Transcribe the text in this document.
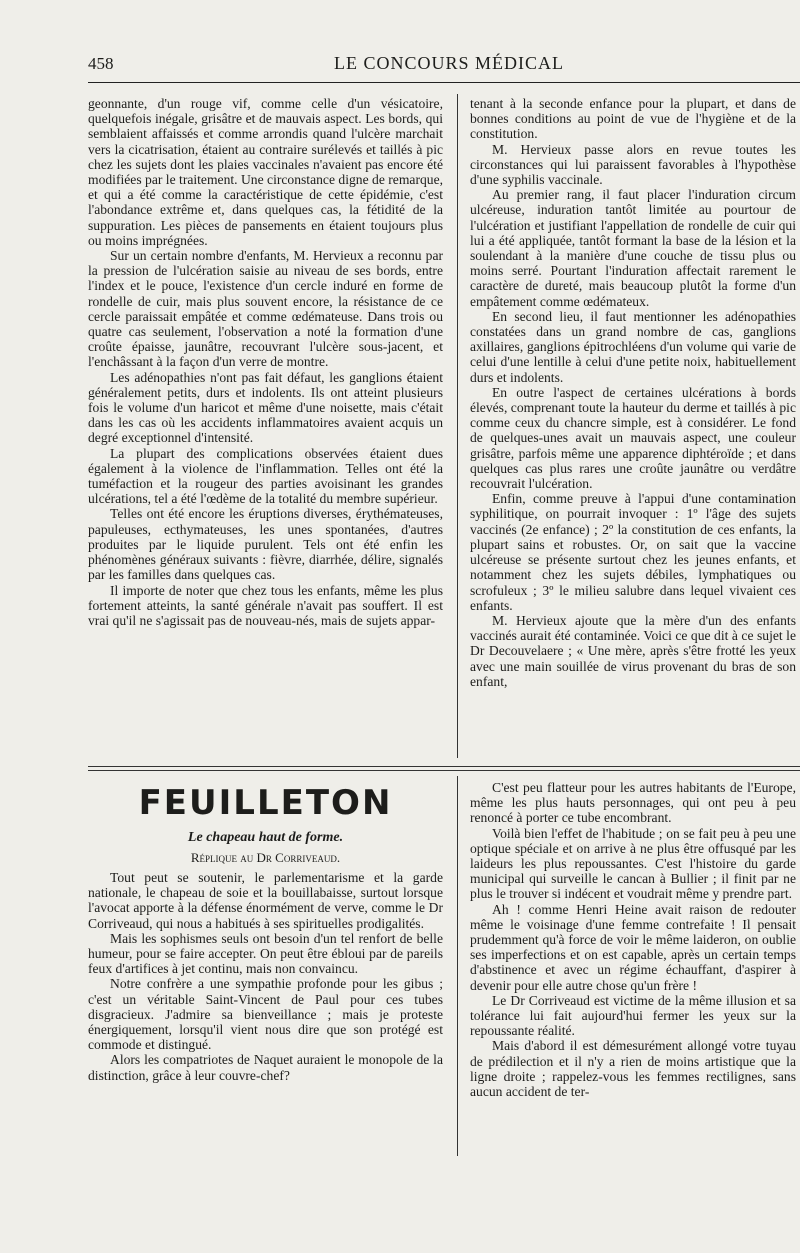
458	LE CONCOURS MÉDICAL

geonnante, d'un rouge vif, comme celle d'un vésicatoire, quelquefois inégale, grisâtre et de mauvais aspect. Les bords, qui semblaient affaissés et comme arrondis quand l'ulcère marchait vers la cicatrisation, étaient au contraire surélevés et taillés à pic chez les sujets dont les plaies vaccinales n'avaient pas encore été modifiées par le traitement. Une circonstance digne de remarque, et qui a été comme la caractéristique de cette épidémie, c'est l'abondance extrême et, dans quelques cas, la fétidité de la suppuration. Les pièces de pansements en étaient toujours plus ou moins imprégnées.

Sur un certain nombre d'enfants, M. Hervieux a reconnu par la pression de l'ulcération saisie au niveau de ses bords, entre l'index et le pouce, l'existence d'un cercle induré en forme de rondelle de cuir, mais plus souvent encore, la résistance de ce cercle paraissait empâtée et comme œdémateuse. Dans trois ou quatre cas seulement, l'observation a noté la formation d'une croûte épaisse, jaunâtre, recouvrant l'ulcère sous-jacent, et l'enchâssant à la façon d'un verre de montre.

Les adénopathies n'ont pas fait défaut, les ganglions étaient généralement petits, durs et indolents. Ils ont atteint plusieurs fois le volume d'un haricot et même d'une noisette, mais c'était dans les cas où les accidents inflammatoires avaient acquis un degré exceptionnel d'intensité.

La plupart des complications observées étaient dues également à la violence de l'inflammation. Telles ont été la tuméfaction et la rougeur des parties avoisinant les grandes ulcérations, tel a été l'œdème de la totalité du membre supérieur.

Telles ont été encore les éruptions diverses, érythémateuses, papuleuses, ecthymateuses, les unes spontanées, d'autres produites par le liquide purulent. Tels ont été enfin les phénomènes généraux suivants : fièvre, diarrhée, délire, signalés par les familles dans quelques cas.

Il importe de noter que chez tous les enfants, même les plus fortement atteints, la santé générale n'avait pas souffert. Il est vrai qu'il ne s'agissait pas de nouveau-nés, mais de sujets appar-

tenant à la seconde enfance pour la plupart, et dans de bonnes conditions au point de vue de l'hygiène et de la constitution.

M. Hervieux passe alors en revue toutes les circonstances qui lui paraissent favorables à l'hypothèse d'une syphilis vaccinale.

Au premier rang, il faut placer l'induration circum ulcéreuse, induration tantôt limitée au pourtour de l'ulcération et justifiant l'appellation de rondelle de cuir qui lui a été appliquée, tantôt formant la base de la lésion et la soulendant à la manière d'une couche de tissu plus ou moins serré. Pourtant l'induration affectait rarement le caractère de dureté, mais beaucoup plutôt la forme d'un empâtement comme œdémateux.

En second lieu, il faut mentionner les adénopathies constatées dans un grand nombre de cas, ganglions axillaires, ganglions épitrochléens d'un volume qui varie de celui d'une lentille à celui d'une petite noix, habituellement durs et indolents.

En outre l'aspect de certaines ulcérations à bords élevés, comprenant toute la hauteur du derme et taillés à pic comme ceux du chancre simple, est à considérer. Le fond de quelques-unes avait un mauvais aspect, une couleur grisâtre, parfois même une apparence diphtéroïde ; et dans quelques cas plus rares une croûte jaunâtre ou verdâtre recouvrait l'ulcération.

Enfin, comme preuve à l'appui d'une contamination syphilitique, on pourrait invoquer : 1º l'âge des sujets vaccinés (2e enfance) ; 2º la constitution de ces enfants, la plupart sains et robustes. Or, on sait que la vaccine ulcéreuse se présente surtout chez les jeunes enfants, et notamment chez les sujets débiles, lymphatiques ou scrofuleux ; 3º le milieu salubre dans lequel vivaient ces enfants.

M. Hervieux ajoute que la mère d'un des enfants vaccinés aurait été contaminée. Voici ce que dit à ce sujet le Dr Decouvelaere ; « Une mère, après s'être frotté les yeux avec une main souillée de virus provenant du bras de son enfant,

FEUILLETON
Le chapeau haut de forme.
Réplique au Dr Corriveaud.

Tout peut se soutenir, le parlementarisme et la garde nationale, le chapeau de soie et la bouillabaisse, surtout lorsque l'avocat apporte à la défense énormément de verve, comme le Dr Corriveaud, qui nous a habitués à ses spirituelles prodigalités.

Mais les sophismes seuls ont besoin d'un tel renfort de belle humeur, pour se faire accepter. On peut être ébloui par de pareils feux d'artifices à jet continu, mais non convaincu.

Notre confrère a une sympathie profonde pour les gibus ; c'est un véritable Saint-Vincent de Paul pour ces tubes disgracieux. J'admire sa bienveillance ; mais je proteste énergiquement, lorsqu'il vient nous dire que son protégé est commode et distingué.

Alors les compatriotes de Naquet auraient le monopole de la distinction, grâce à leur couvre-chef?

C'est peu flatteur pour les autres habitants de l'Europe, même les plus hauts personnages, qui ont peu à peu renoncé à porter ce tube encombrant.

Voilà bien l'effet de l'habitude ; on se fait peu à peu une optique spéciale et on arrive à ne plus être offusqué par les laideurs les plus repoussantes. C'est l'histoire du garde municipal qui surveille le cancan à Bullier ; il finit par ne plus le trouver si indécent et voudrait même y prendre part.

Ah ! comme Henri Heine avait raison de redouter même le voisinage d'une femme contrefaite ! Il pensait prudemment qu'à force de voir le même laideron, on oublie ses imperfections et on est capable, après un certain temps d'abstinence et avec un régime échauffant, d'aspirer à devenir pour elle autre chose qu'un frère !

Le Dr Corriveaud est victime de la même illusion et sa tolérance lui fait aujourd'hui fermer les yeux sur la repoussante réalité.

Mais d'abord il est démesurément allongé votre tuyau de prédilection et il n'y a rien de moins artistique que la ligne droite ; rappelez-vous les femmes rectilignes, sans aucun accident de ter-
